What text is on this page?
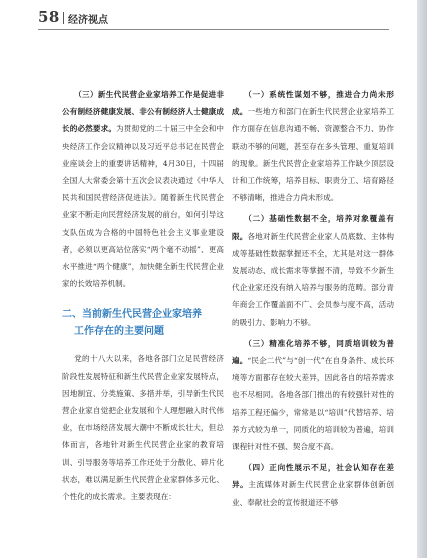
58 经济视点

（三）新生代民营企业家培养工作是促进非公有制经济健康发展、非公有制经济人士健康成长的必然要求。为贯彻党的二十届三中全会和中央经济工作会议精神以及习近平总书记在民营企业座谈会上的重要讲话精神，4月30日，十四届全国人大常委会第十五次会议表决通过《中华人民共和国民营经济促进法》。随着新生代民营企业家不断走向民营经济发展的前台，如何引导这支队伍成为合格的中国特色社会主义事业建设者，必须以更高站位落实“两个毫不动摇”、更高水平推进“两个健康”，加快健全新生代民营企业家的长效培养机制。

二、当前新生代民营企业家培养
工作存在的主要问题

党的十八大以来，各地各部门立足民营经济阶段性发展特征和新生代民营企业家发展特点，因地制宜、分类施策、多措并举，引导新生代民营企业家自觉把企业发展和个人理想融入时代伟业，在市场经济发展大潮中不断成长壮大，但总体而言，各地针对新生代民营企业家的教育培训、引导服务等培养工作还处于分散化、碎片化状态，难以满足新生代民营企业家群体多元化、个性化的成长需求。主要表现在：

（一）系统性谋划不够，推进合力尚未形成。一些地方和部门在新生代民营企业家培养工作方面存在信息沟通不畅、资源整合不力、协作联动不够的问题，甚至存在多头管理、重复培训的现象。新生代民营企业家培养工作缺少顶层设计和工作统筹，培养目标、职责分工、培育路径不够清晰，推进合力尚未形成。

（二）基础性数据不全，培养对象覆盖有限。各地对新生代民营企业家人员底数、主体构成等基础性数据掌握还不全，尤其是对这一群体发展动态、成长需求等掌握不清，导致不少新生代企业家还没有纳入培养与服务的范畴。部分青年商会工作覆盖面不广、会员参与度不高，活动的吸引力、影响力不够。

（三）精准化培养不够，同质培训较为普遍。“民企二代”与“创一代”在自身条件、成长环境等方面都存在较大差异，因此各自的培养需求也不尽相同。各地各部门推出的有较强针对性的培养工程还偏少，常常是以“培训”代替培养、培养方式较为单一，同质化的培训较为普遍，培训课程针对性不强、契合度不高。

（四）正向性展示不足，社会认知存在差异。主流媒体对新生代民营企业家群体创新创业、奉献社会的宣传报道还不够
